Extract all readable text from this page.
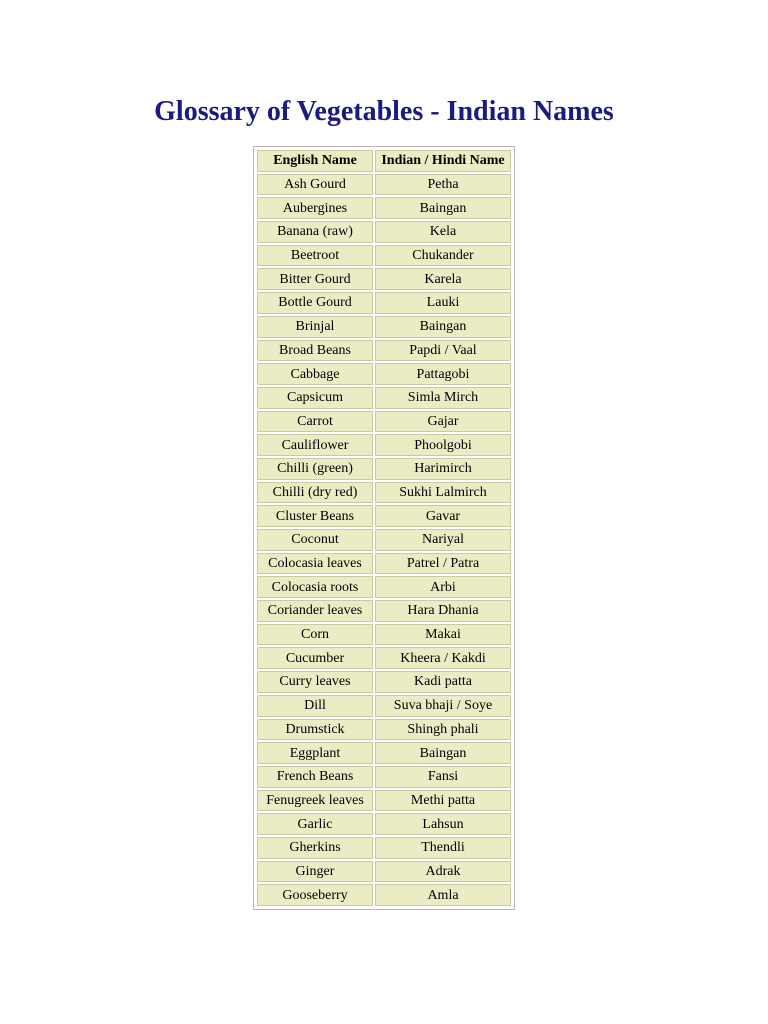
Glossary of Vegetables - Indian Names
English Name	Indian / Hindi Name
Ash Gourd	Petha
Aubergines	Baingan
Banana (raw)	Kela
Beetroot	Chukander
Bitter Gourd	Karela
Bottle Gourd	Lauki
Brinjal	Baingan
Broad Beans	Papdi / Vaal
Cabbage	Pattagobi
Capsicum	Simla Mirch
Carrot	Gajar
Cauliflower	Phoolgobi
Chilli (green)	Harimirch
Chilli (dry red)	Sukhi Lalmirch
Cluster Beans	Gavar
Coconut	Nariyal
Colocasia leaves	Patrel / Patra
Colocasia roots	Arbi
Coriander leaves	Hara Dhania
Corn	Makai
Cucumber	Kheera / Kakdi
Curry leaves	Kadi patta
Dill	Suva bhaji / Soye
Drumstick	Shingh phali
Eggplant	Baingan
French Beans	Fansi
Fenugreek leaves	Methi patta
Garlic	Lahsun
Gherkins	Thendli
Ginger	Adrak
Gooseberry	Amla
